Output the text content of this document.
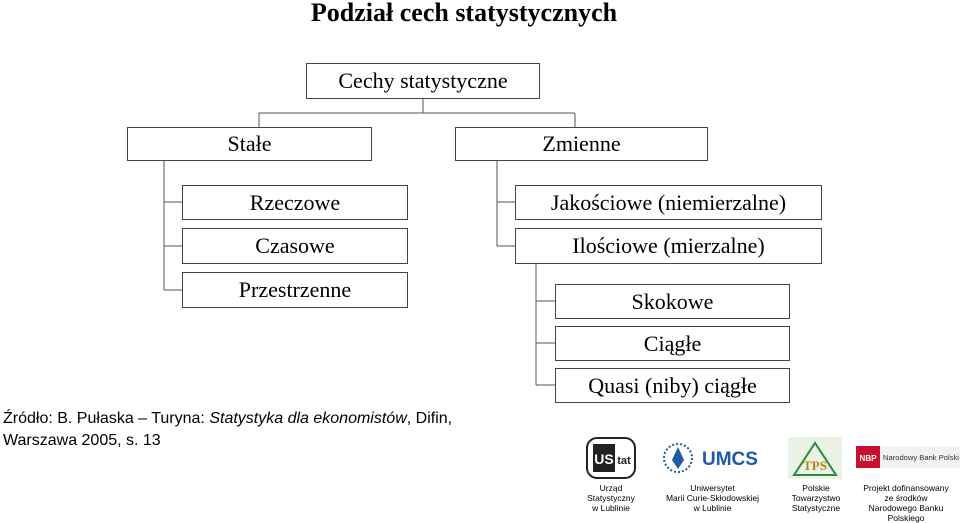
Podział cech statystycznych
Cechy statystyczne
Stałe
Rzeczowe
Czasowe
Przestrzenne
Zmienne
Jakościowe (niemierzalne)
Ilościowe (mierzalne)
Skokowe
Ciągłe
Quasi (niby) ciągłe
Źródło: B. Pułaska – Turyna: Statystyka dla ekonomistów, Difin,
Warszawa 2005, s. 13
US tat
Urząd
Statystyczny
w Lublinie
UMCS
Uniwersytet
Marii Curie-Skłodowskiej
w Lublinie
TPS
Polskie
Towarzystwo
Statystyczne
NBP Narodowy Bank Polski
Projekt dofinansowany
ze środków
Narodowego Banku Polskiego
